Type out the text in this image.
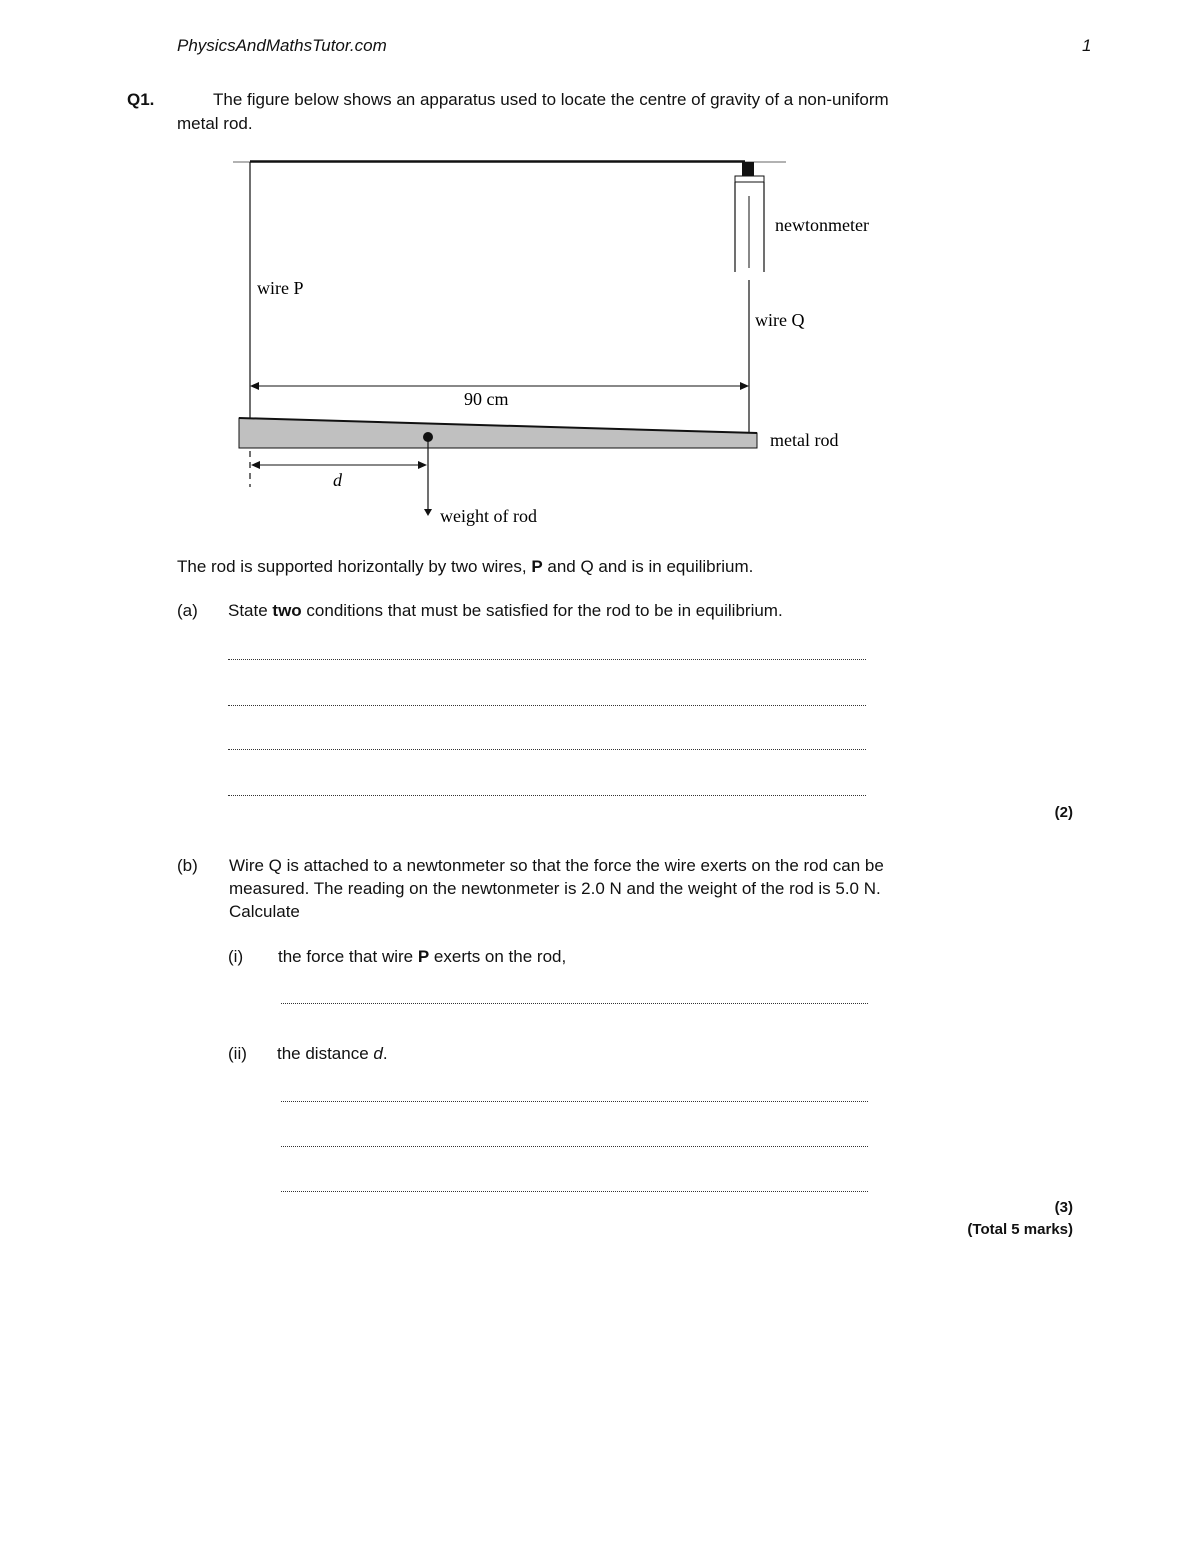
PhysicsAndMathsTutor.com	1
Q1.	The figure below shows an apparatus used to locate the centre of gravity of a non-uniform
metal rod.
newtonmeter
wire P
wire Q
90 cm
metal rod
d
weight of rod
The rod is supported horizontally by two wires, P and Q and is in equilibrium.
(a) State two conditions that must be satisfied for the rod to be in equilibrium.
(2)
(b) Wire Q is attached to a newtonmeter so that the force the wire exerts on the rod can be
measured. The reading on the newtonmeter is 2.0 N and the weight of the rod is 5.0 N.
Calculate
(i) the force that wire P exerts on the rod,
(ii) the distance d.
(3)
(Total 5 marks)
